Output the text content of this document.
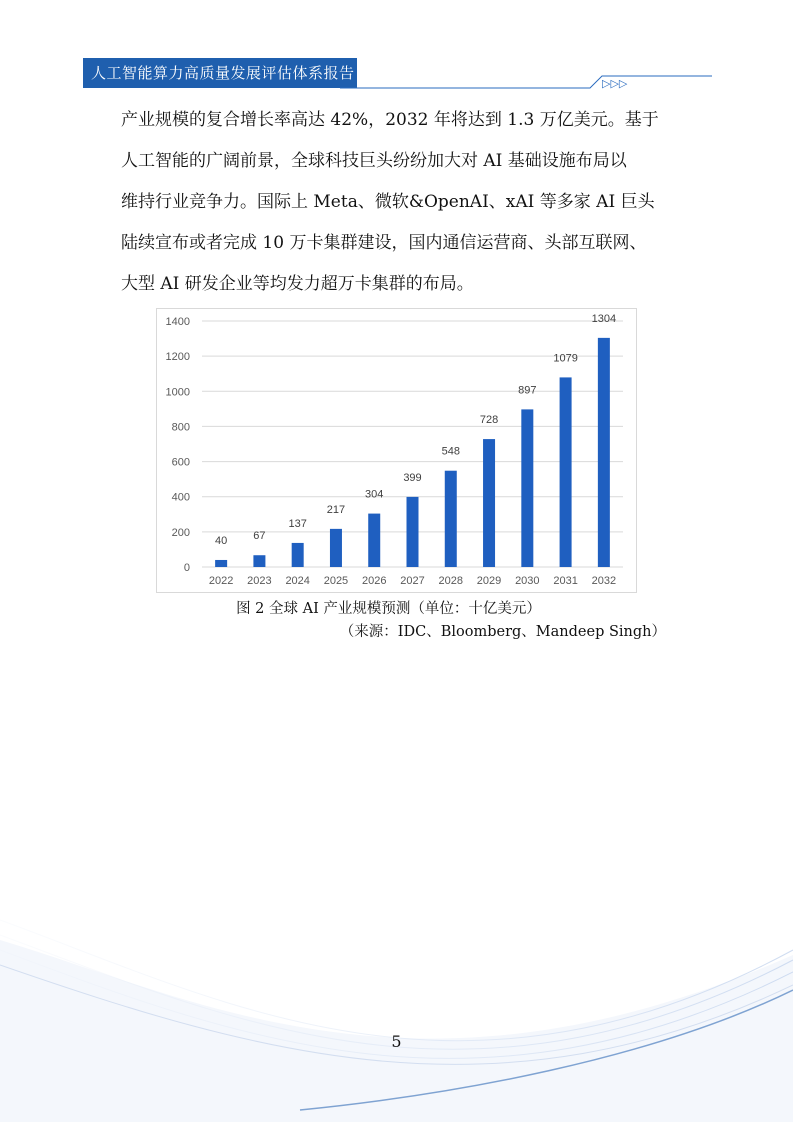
人工智能算力高质量发展评估体系报告
▷▷▷

产业规模的复合增长率高达 42%，2032 年将达到 1.3 万亿美元。基于

人工智能的广阔前景，全球科技巨头纷纷加大对 AI 基础设施布局以

维持行业竞争力。国际上 Meta、微软&OpenAI、xAI 等多家 AI 巨头

陆续宣布或者完成 10 万卡集群建设，国内通信运营商、头部互联网、

大型 AI 研发企业等均发力超万卡集群的布局。

0
200
400
600
800
1000
1200
1400
40
2022
67
2023
137
2024
217
2025
304
2026
399
2027
548
2028
728
2029
897
2030
1079
2031
1304
2032
图 2 全球 AI 产业规模预测（单位：十亿美元）
（来源：IDC、Bloomberg、Mandeep Singh）
5
